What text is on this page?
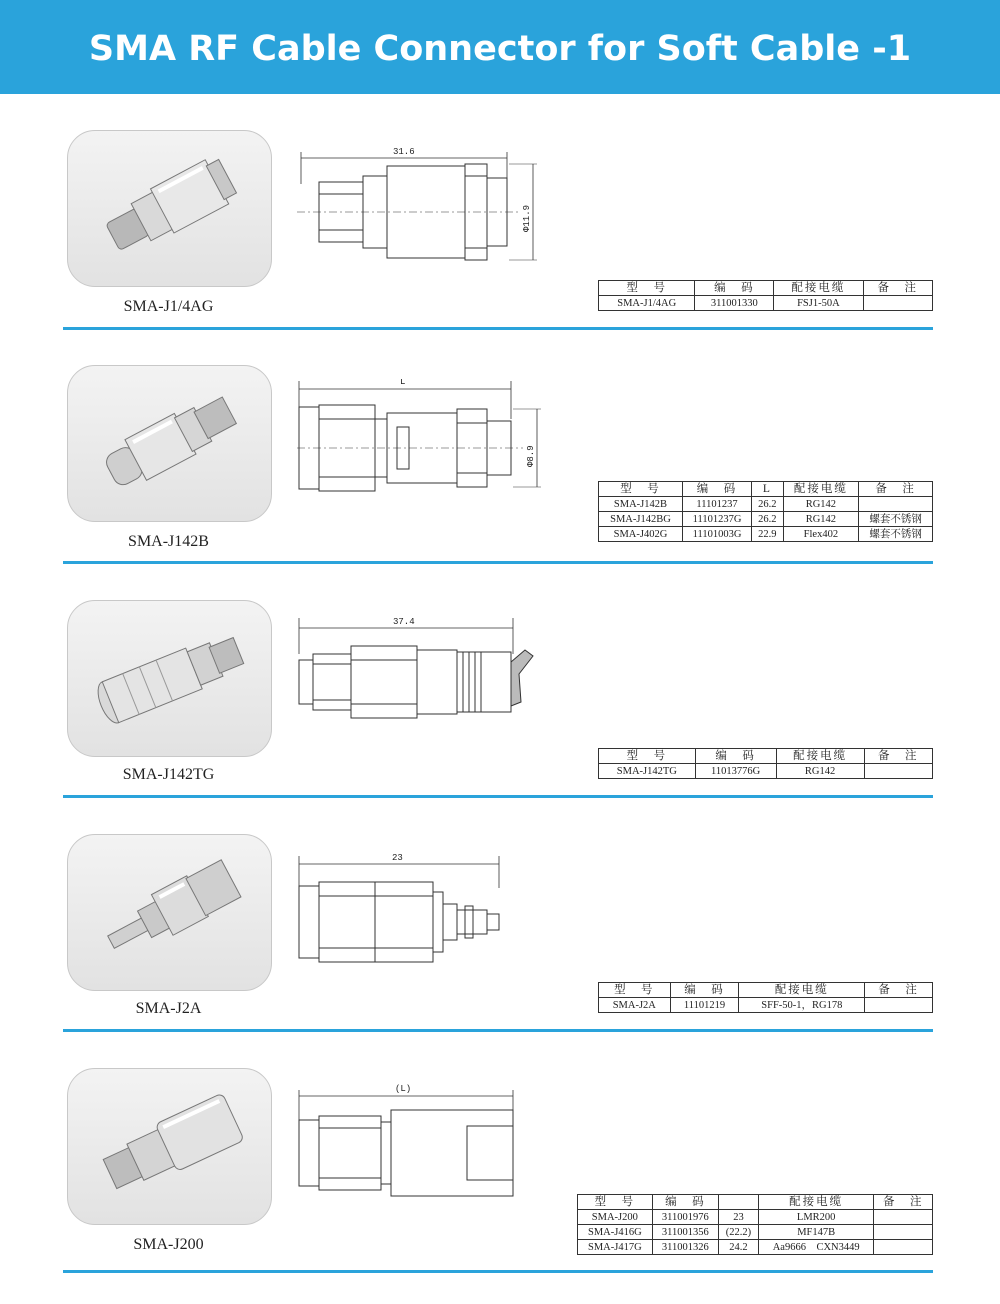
SMA RF Cable Connector for Soft Cable -1
SMA-J1/4AG
31.6
Φ11.9
型　号	编　码	配接电缆	备　注
SMA-J1/4AG	311001330	FSJ1-50A	
SMA-J142B
L
Φ8.9
型　号	编　码	L	配接电缆	备　注
SMA-J142B	11101237	26.2	RG142	
SMA-J142BG	11101237G	26.2	RG142	螺套不锈钢
SMA-J402G	11101003G	22.9	Flex402	螺套不锈钢
SMA-J142TG
37.4
型　号	编　码	配接电缆	备　注
SMA-J142TG	11013776G	RG142	
SMA-J2A
23
型　号	编　码	配接电缆	备　注
SMA-J2A	11101219	SFF-50-1，RG178	
SMA-J200
(L)
型　号	编　码		配接电缆	备　注
SMA-J200	311001976	23	LMR200	
SMA-J416G	311001356	(22.2)	MF147B	
SMA-J417G	311001326	24.2	Aa9666　CXN3449	
